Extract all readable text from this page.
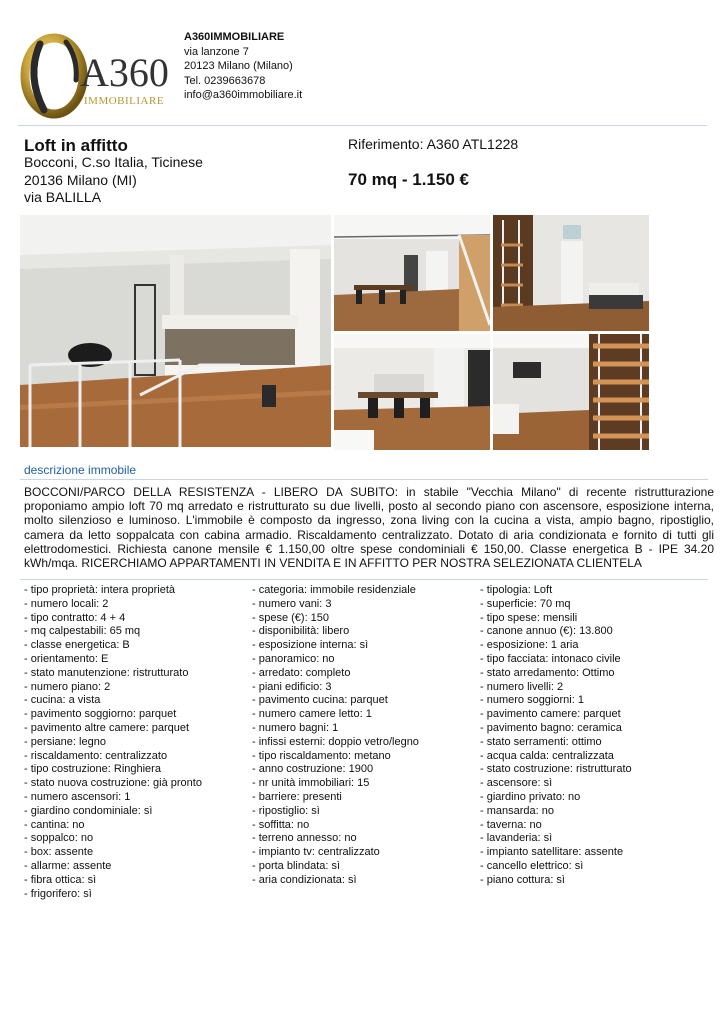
A360
IMMOBILIARE
A360IMMOBILIARE
via lanzone 7
20123 Milano (Milano)
Tel. 0239663678
info@a360immobiliare.it
Loft in affitto
Bocconi, C.so Italia, Ticinese
20136 Milano (MI)
via BALILLA
Riferimento: A360 ATL1228
70 mq - 1.150 €
descrizione immobile
BOCCONI/PARCO DELLA RESISTENZA - LIBERO DA SUBITO: in stabile "Vecchia Milano" di recente ristrutturazione proponiamo ampio loft 70 mq arredato e ristrutturato su due livelli, posto al secondo piano con ascensore, esposizione interna, molto silenzioso e luminoso. L'immobile è composto da ingresso, zona living con la cucina a vista, ampio bagno, ripostiglio, camera da letto soppalcata con cabina armadio. Riscaldamento centralizzato. Dotato di aria condizionata e fornito di tutti gli elettrodomestici. Richiesta canone mensile € 1.150,00 oltre spese condominiali € 150,00. Classe energetica B - IPE 34.20 kWh/mqa. RICERCHIAMO APPARTAMENTI IN VENDITA E IN AFFITTO PER NOSTRA SELEZIONATA CLIENTELA
- tipo proprietà: intera proprietà
- numero locali: 2
- tipo contratto: 4 + 4
- mq calpestabili: 65 mq
- classe energetica: B
- orientamento: E
- stato manutenzione: ristrutturato
- numero piano: 2
- cucina: a vista
- pavimento soggiorno: parquet
- pavimento altre camere: parquet
- persiane: legno
- riscaldamento: centralizzato
- tipo costruzione: Ringhiera
- stato nuova costruzione: già pronto
- numero ascensori: 1
- giardino condominiale: sì
- cantina: no
- soppalco: no
- box: assente
- allarme: assente
- fibra ottica: sì
- frigorifero: sì
- categoria: immobile residenziale
- numero vani: 3
- spese (€): 150
- disponibilità: libero
- esposizione interna: sì
- panoramico: no
- arredato: completo
- piani edificio: 3
- pavimento cucina: parquet
- numero camere letto: 1
- numero bagni: 1
- infissi esterni: doppio vetro/legno
- tipo riscaldamento: metano
- anno costruzione: 1900
- nr unità immobiliari: 15
- barriere: presenti
- ripostiglio: sì
- soffitta: no
- terreno annesso: no
- impianto tv: centralizzato
- porta blindata: sì
- aria condizionata: sì
- tipologia: Loft
- superficie: 70 mq
- tipo spese: mensili
- canone annuo (€): 13.800
- esposizione: 1 aria
- tipo facciata: intonaco civile
- stato arredamento: Ottimo
- numero livelli: 2
- numero soggiorni: 1
- pavimento camere: parquet
- pavimento bagno: ceramica
- stato serramenti: ottimo
- acqua calda: centralizzata
- stato costruzione: ristrutturato
- ascensore: sì
- giardino privato: no
- mansarda: no
- taverna: no
- lavanderia: sì
- impianto satellitare: assente
- cancello elettrico: sì
- piano cottura: sì
